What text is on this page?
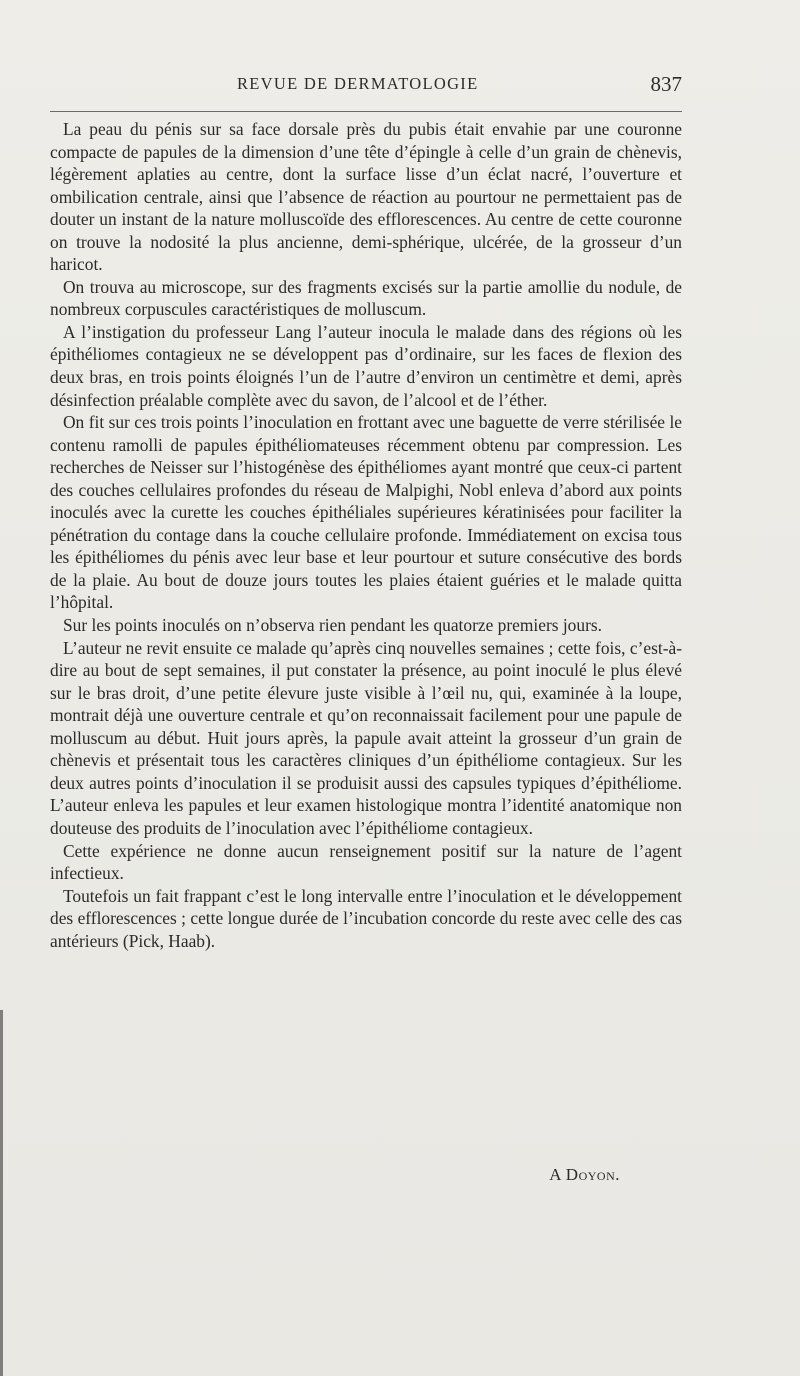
REVUE DE DERMATOLOGIE	837

La peau du pénis sur sa face dorsale près du pubis était envahie par une couronne compacte de papules de la dimension d’une tête d’épingle à celle d’un grain de chènevis, légèrement aplaties au centre, dont la surface lisse d’un éclat nacré, l’ouverture et ombilication centrale, ainsi que l’absence de réaction au pourtour ne permettaient pas de douter un instant de la nature molluscoïde des efflorescences. Au centre de cette couronne on trouve la nodosité la plus ancienne, demi-sphérique, ulcérée, de la grosseur d’un haricot.

On trouva au microscope, sur des fragments excisés sur la partie amollie du nodule, de nombreux corpuscules caractéristiques de molluscum.

A l’instigation du professeur Lang l’auteur inocula le malade dans des régions où les épithéliomes contagieux ne se développent pas d’ordinaire, sur les faces de flexion des deux bras, en trois points éloignés l’un de l’autre d’environ un centimètre et demi, après désinfection préalable complète avec du savon, de l’alcool et de l’éther.

On fit sur ces trois points l’inoculation en frottant avec une baguette de verre stérilisée le contenu ramolli de papules épithéliomateuses récemment obtenu par compression. Les recherches de Neisser sur l’histogénèse des épithéliomes ayant montré que ceux-ci partent des couches cellulaires profondes du réseau de Malpighi, Nobl enleva d’abord aux points inoculés avec la curette les couches épithéliales supérieures kératinisées pour faciliter la pénétration du contage dans la couche cellulaire profonde. Immédiatement on excisa tous les épithéliomes du pénis avec leur base et leur pourtour et suture consécutive des bords de la plaie. Au bout de douze jours toutes les plaies étaient guéries et le malade quitta l’hôpital.

Sur les points inoculés on n’observa rien pendant les quatorze premiers jours.

L’auteur ne revit ensuite ce malade qu’après cinq nouvelles semaines ; cette fois, c’est-à-dire au bout de sept semaines, il put constater la présence, au point inoculé le plus élevé sur le bras droit, d’une petite élevure juste visible à l’œil nu, qui, examinée à la loupe, montrait déjà une ouverture centrale et qu’on reconnaissait facilement pour une papule de molluscum au début. Huit jours après, la papule avait atteint la grosseur d’un grain de chènevis et présentait tous les caractères cliniques d’un épithéliome contagieux. Sur les deux autres points d’inoculation il se produisit aussi des capsules typiques d’épithéliome. L’auteur enleva les papules et leur examen histologique montra l’identité anatomique non douteuse des produits de l’inoculation avec l’épithéliome contagieux.

Cette expérience ne donne aucun renseignement positif sur la nature de l’agent infectieux.

Toutefois un fait frappant c’est le long intervalle entre l’inoculation et le développement des efflorescences ; cette longue durée de l’incubation concorde du reste avec celle des cas antérieurs (Pick, Haab).

A Doyon.
